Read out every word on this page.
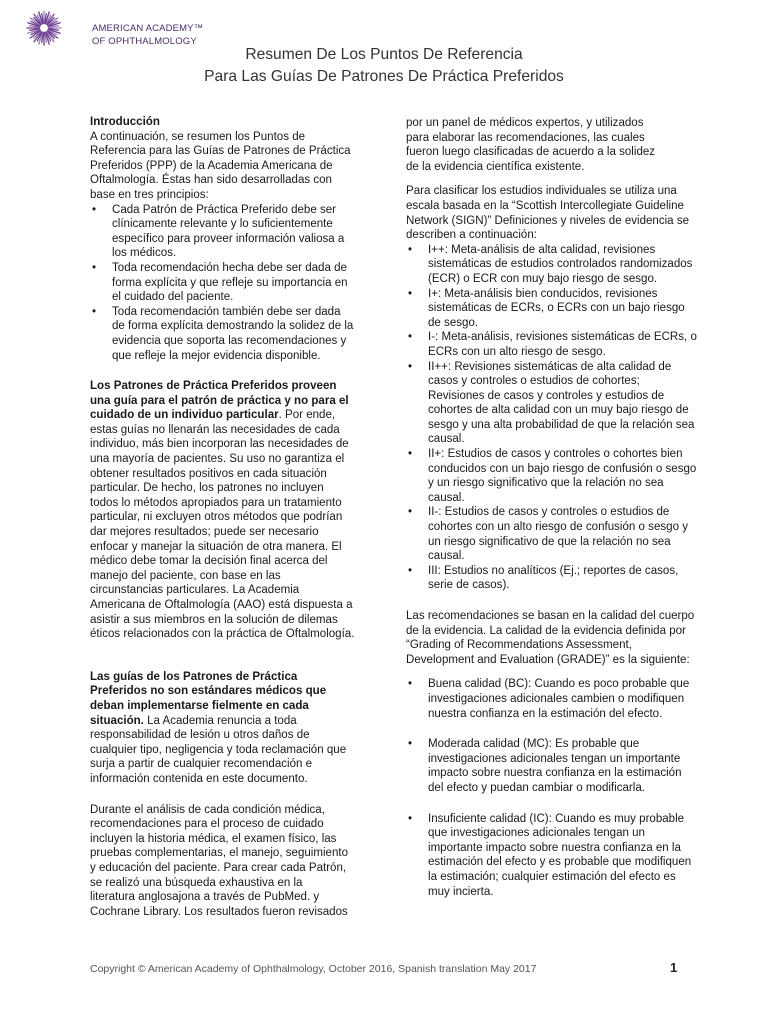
AMERICAN ACADEMY™
OF OPHTHALMOLOGY
Resumen De Los Puntos De Referencia
Para Las Guías De Patrones De Práctica Preferidos

Introducción

A continuación, se resumen los Puntos de
Referencia para las Guías de Patrones de Práctica
Preferidos (PPP) de la Academia Americana de
Oftalmología. Éstas han sido desarrolladas con
base en tres principios:

• Cada Patrón de Práctica Preferido debe ser
clínicamente relevante y lo suficientemente
específico para proveer información valiosa a
los médicos.
• Toda recomendación hecha debe ser dada de
forma explícita y que refleje su importancia en
el cuidado del paciente.
• Toda recomendación también debe ser dada
de forma explícita demostrando la solidez de la
evidencia que soporta las recomendaciones y
que refleje la mejor evidencia disponible.

Los Patrones de Práctica Preferidos proveen
una guía para el patrón de práctica y no para el
cuidado de un individuo particular. Por ende,
estas guías no llenarán las necesidades de cada
individuo, más bien incorporan las necesidades de
una mayoría de pacientes. Su uso no garantiza el
obtener resultados positivos en cada situación
particular. De hecho, los patrones no incluyen
todos lo métodos apropiados para un tratamiento
particular, ni excluyen otros métodos que podrían
dar mejores resultados; puede ser necesario
enfocar y manejar la situación de otra manera. El
médico debe tomar la decisión final acerca del
manejo del paciente, con base en las
circunstancias particulares. La Academia
Americana de Oftalmología (AAO) está dispuesta a
asistir a sus miembros en la solución de dilemas
éticos relacionados con la práctica de Oftalmología.

Las guías de los Patrones de Práctica
Preferidos no son estándares médicos que
deban implementarse fielmente en cada
situación. La Academia renuncia a toda
responsabilidad de lesión u otros daños de
cualquier tipo, negligencia y toda reclamación que
surja a partir de cualquier recomendación e
información contenida en este documento.

Durante el análisis de cada condición médica,
recomendaciones para el proceso de cuidado
incluyen la historia médica, el examen físico, las
pruebas complementarias, el manejo, seguimiento
y educación del paciente. Para crear cada Patrón,
se realizó una búsqueda exhaustiva en la
literatura anglosajona a través de PubMed. y
Cochrane Library. Los resultados fueron revisados

por un panel de médicos expertos, y utilizados
para elaborar las recomendaciones, las cuales
fueron luego clasificadas de acuerdo a la solidez
de la evidencia científica existente.

Para clasificar los estudios individuales se utiliza una
escala basada en la “Scottish Intercollegiate Guideline
Network (SIGN)” Definiciones y niveles de evidencia se
describen a continuación:

• I++: Meta-análisis de alta calidad, revisiones
sistemáticas de estudios controlados randomizados
(ECR) o ECR con muy bajo riesgo de sesgo.
• I+: Meta-análisis bien conducidos, revisiones
sistemáticas de ECRs, o ECRs con un bajo riesgo
de sesgo.
• I-: Meta-análisis, revisiones sistemáticas de ECRs, o
ECRs con un alto riesgo de sesgo.
• II++: Revisiones sistemáticas de alta calidad de
casos y controles o estudios de cohortes;
Revisiones de casos y controles y estudios de
cohortes de alta calidad con un muy bajo riesgo de
sesgo y una alta probabilidad de que la relación sea
causal.
• II+: Estudios de casos y controles o cohortes bien
conducidos con un bajo riesgo de confusión o sesgo
y un riesgo significativo que la relación no sea
causal.
• II-: Estudios de casos y controles o estudios de
cohortes con un alto riesgo de confusión o sesgo y
un riesgo significativo de que la relación no sea
causal.
• III: Estudios no analíticos (Ej.; reportes de casos,
serie de casos).

Las recomendaciones se basan en la calidad del cuerpo
de la evidencia. La calidad de la evidencia definida por
“Grading of Recommendations Assessment,
Development and Evaluation (GRADE)” es la siguiente:

• Buena calidad (BC): Cuando es poco probable que
investigaciones adicionales cambien o modifiquen
nuestra confianza en la estimación del efecto.
• Moderada calidad (MC): Es probable que
investigaciones adicionales tengan un importante
impacto sobre nuestra confianza en la estimación
del efecto y puedan cambiar o modificarla.
• Insuficiente calidad (IC): Cuando es muy probable
que investigaciones adicionales tengan un
importante impacto sobre nuestra confianza en la
estimación del efecto y es probable que modifiquen
la estimación; cualquier estimación del efecto es
muy incierta.
Copyright © American Academy of Ophthalmology, October 2016, Spanish translation May 2017	1
